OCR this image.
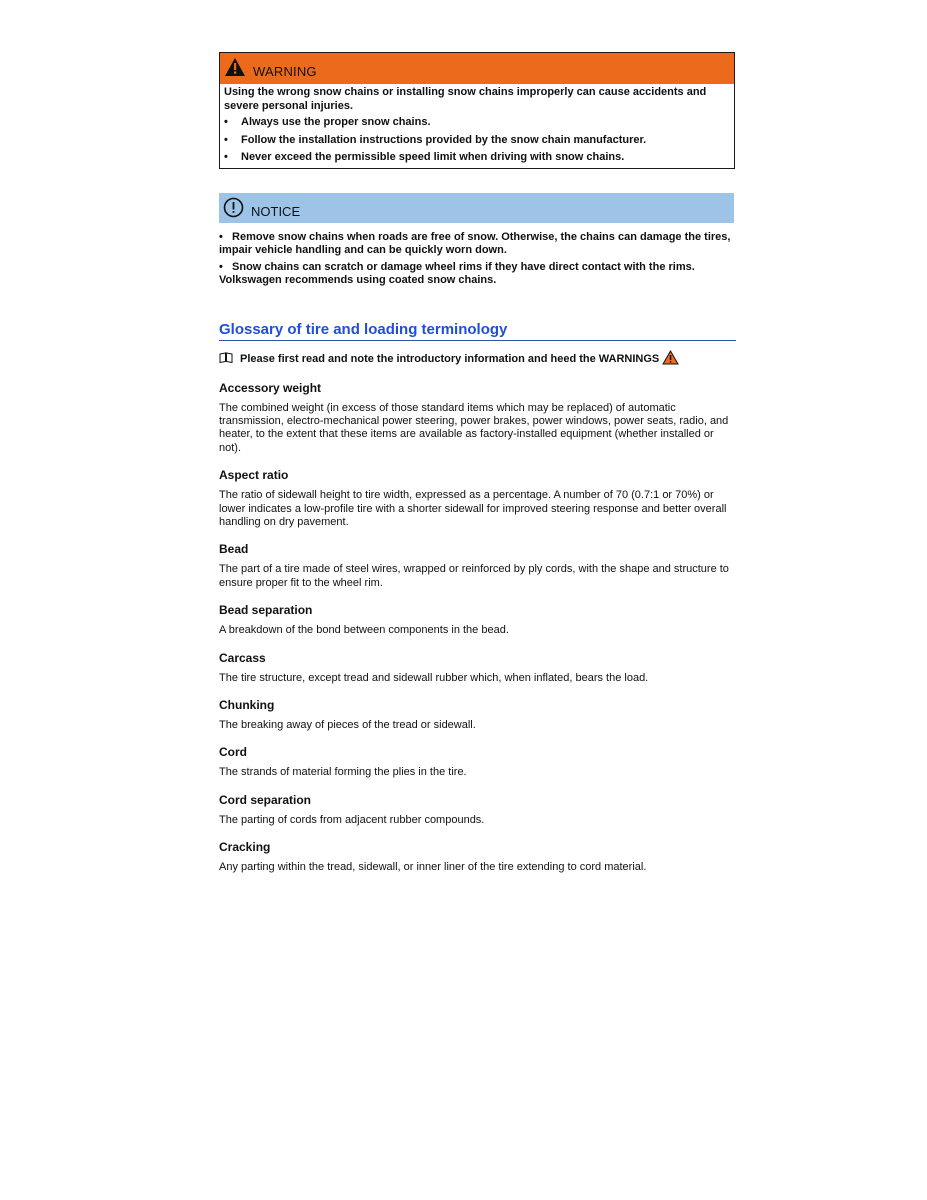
WARNING

Using the wrong snow chains or installing snow chains improperly can cause accidents and severe personal injuries.

•	Always use the proper snow chains.
•	Follow the installation instructions provided by the snow chain manufacturer.
•	Never exceed the permissible speed limit when driving with snow chains.
NOTICE

•   Remove snow chains when roads are free of snow. Otherwise, the chains can damage the tires, impair vehicle handling and can be quickly worn down.

•   Snow chains can scratch or damage wheel rims if they have direct contact with the rims. Volkswagen recommends using coated snow chains.

Glossary of tire and loading terminology
Please first read and note the introductory information and heed the WARNINGS
Accessory weight
The combined weight (in excess of those standard items which may be replaced) of automatic transmission, electro-mechanical power steering, power brakes, power windows, power seats, radio, and heater, to the extent that these items are available as factory-installed equipment (whether installed or not).
Aspect ratio
The ratio of sidewall height to tire width, expressed as a percentage. A number of 70 (0.7:1 or 70%) or lower indicates a low-profile tire with a shorter sidewall for improved steering response and better overall handling on dry pavement.
Bead
The part of a tire made of steel wires, wrapped or reinforced by ply cords, with the shape and structure to ensure proper fit to the wheel rim.
Bead separation
A breakdown of the bond between components in the bead.
Carcass
The tire structure, except tread and sidewall rubber which, when inflated, bears the load.
Chunking
The breaking away of pieces of the tread or sidewall.
Cord
The strands of material forming the plies in the tire.
Cord separation
The parting of cords from adjacent rubber compounds.
Cracking
Any parting within the tread, sidewall, or inner liner of the tire extending to cord material.
